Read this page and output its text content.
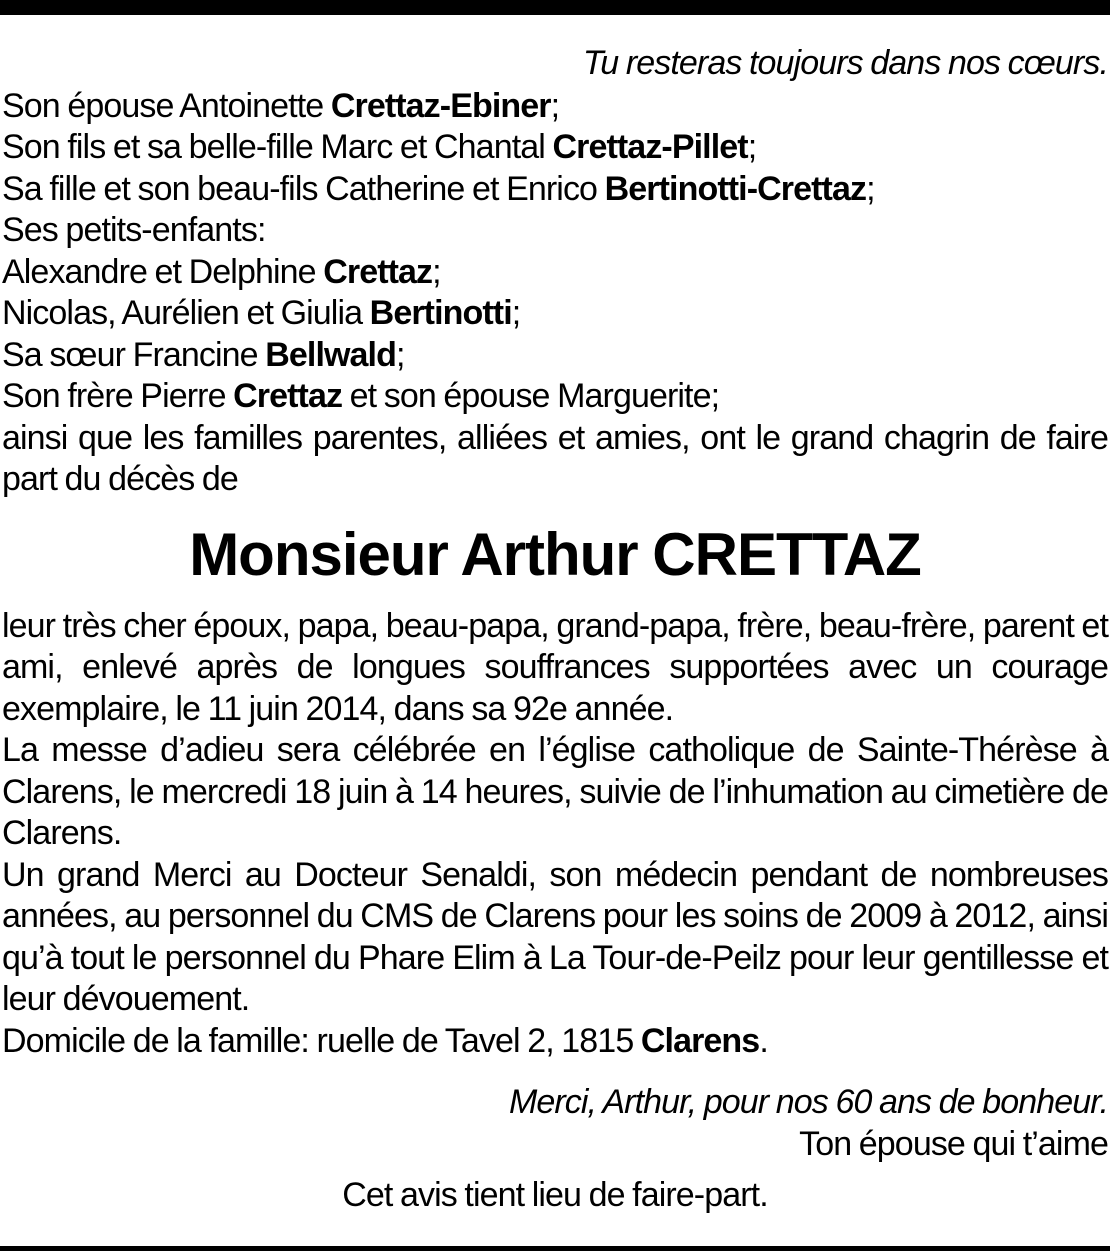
Tu resteras toujours dans nos cœurs.
Son épouse Antoinette Crettaz-Ebiner;
Son fils et sa belle-fille Marc et Chantal Crettaz-Pillet;
Sa fille et son beau-fils Catherine et Enrico Bertinotti-Crettaz;
Ses petits-enfants:
Alexandre et Delphine Crettaz;
Nicolas, Aurélien et Giulia Bertinotti;
Sa sœur Francine Bellwald;
Son frère Pierre Crettaz et son épouse Marguerite;
ainsi que les familles parentes, alliées et amies, ont le grand chagrin de faire part du décès de
Monsieur Arthur CRETTAZ
leur très cher époux, papa, beau-papa, grand-papa, frère, beau-frère, parent et ami, enlevé après de longues souffrances supportées avec un courage exemplaire, le 11 juin 2014, dans sa 92e année.
La messe d’adieu sera célébrée en l’église catholique de Sainte-Thérèse à Clarens, le mercredi 18 juin à 14 heures, suivie de l’inhumation au cimetière de Clarens.
Un grand Merci au Docteur Senaldi, son médecin pendant de nombreuses années, au personnel du CMS de Clarens pour les soins de 2009 à 2012, ainsi qu’à tout le personnel du Phare Elim à La Tour-de-Peilz pour leur gentillesse et leur dévouement.
Domicile de la famille: ruelle de Tavel 2, 1815 Clarens.
Merci, Arthur, pour nos 60 ans de bonheur.
Ton épouse qui t’aime
Cet avis tient lieu de faire-part.
